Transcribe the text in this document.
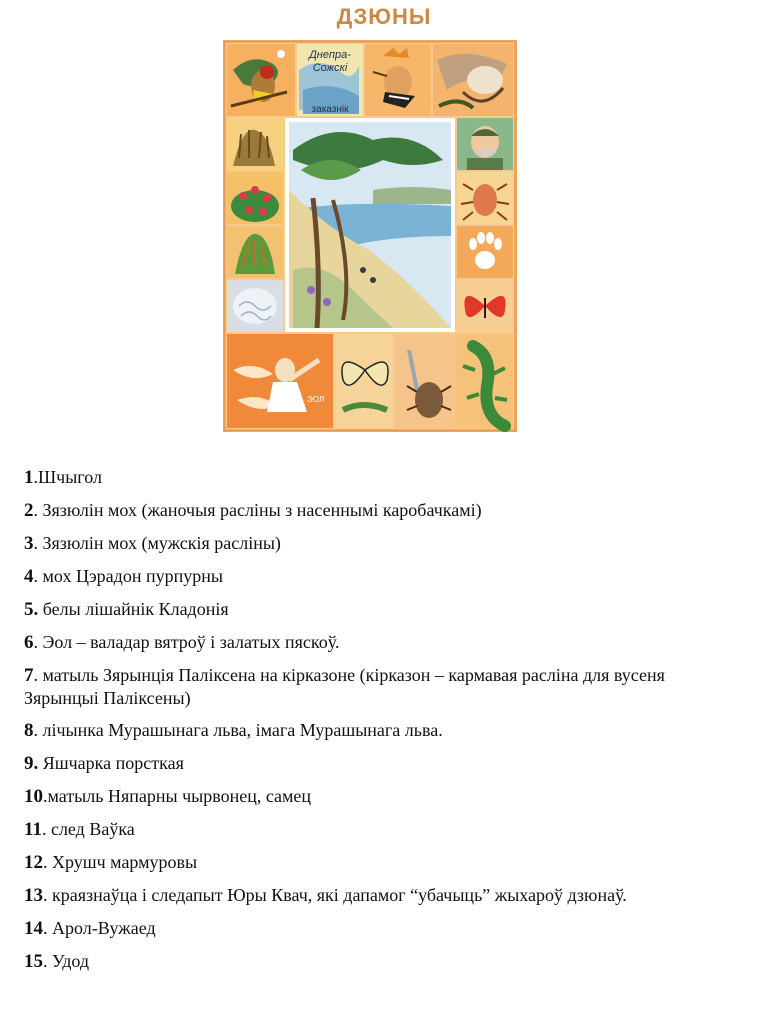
ДЗЮНЫ
Днепра-
Сожскі
заказнік
ЭОЛ
1.Шчыгол
2. Зязюлін мох (жаночыя расліны з насеннымі каробачкамі)
3. Зязюлін мох (мужскія расліны)
4. мох Цэрадон пурпурны
5. белы лішайнік Кладонія
6. Эол – валадар вятроў і залатых пяскоў.
7. матыль Зярынція Паліксена на кірказоне (кірказон – кармавая расліна для вусеня Зярынцыі Паліксены)
8. лічынка Мурашынага льва, імага Мурашынага льва.
9. Яшчарка порсткая
10.матыль Няпарны чырвонец, самец
11. след Ваўка
12. Хрушч мармуровы
13. краязнаўца і следапыт Юры Квач, які дапамог “убачыць” жыхароў дзюнаў.
14. Арол-Вужаед
15. Удод
